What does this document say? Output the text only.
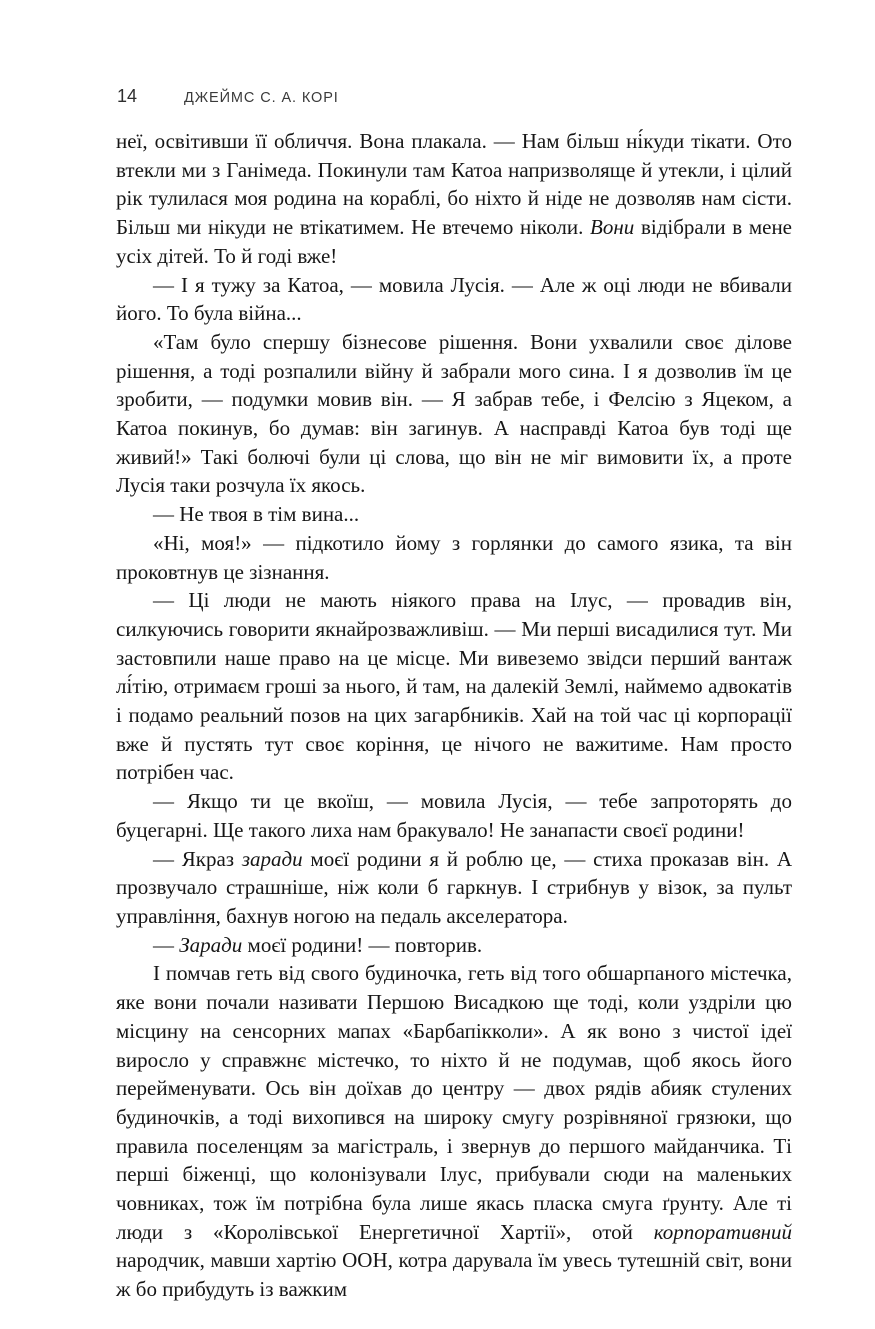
14	ДЖЕЙМС С. А. КОРІ

неї, освітивши її обличчя. Вона плакала. — Нам більш ні́куди тікати. Ото втекли ми з Ганімеда. Покинули там Катоа напризволяще й утекли, і цілий рік тулилася моя родина на кораблі, бо ніхто й ніде не дозволяв нам сісти. Більш ми нікуди не втікатимем. Не втечемо ніколи. Вони відібрали в мене усіх дітей. То й годі вже!

— І я тужу за Катоа, — мовила Лусія. — Але ж оці люди не вбивали його. То була війна...

«Там було спершу бізнесове рішення. Вони ухвалили своє ділове рішення, а тоді розпалили війну й забрали мого сина. І я дозволив їм це зробити, — подумки мовив він. — Я забрав тебе, і Фелсію з Яцеком, а Катоа покинув, бо думав: він загинув. А насправді Катоа був тоді ще живий!» Такі болючі були ці слова, що він не міг вимовити їх, а проте Лусія таки розчула їх якось.

— Не твоя в тім вина...

«Ні, моя!» — підкотило йому з горлянки до самого язика, та він проковтнув це зізнання.

— Ці люди не мають ніякого права на Ілус, — провадив він, силкуючись говорити якнайрозважливіш. — Ми перші висадилися тут. Ми застовпили наше право на це місце. Ми вивеземо звідси перший вантаж лі́тію, отримаєм гроші за нього, й там, на далекій Землі, наймемо адвокатів і подамо реальний позов на цих загарбників. Хай на той час ці корпорації вже й пустять тут своє коріння, це нічого не важитиме. Нам просто потрібен час.

— Якщо ти це вкоїш, — мовила Лусія, — тебе запроторять до буцегарні. Ще такого лиха нам бракувало! Не занапасти своєї родини!

— Якраз заради моєї родини я й роблю це, — стиха проказав він. А прозвучало страшніше, ніж коли б гаркнув. І стрибнув у візок, за пульт управління, бахнув ногою на педаль акселератора.

— Заради моєї родини! — повторив.

І помчав геть від свого будиночка, геть від того обшарпаного містечка, яке вони почали називати Першою Висадкою ще тоді, коли уздріли цю місцину на сенсорних мапах «Барбапікколи». А як воно з чистої ідеї виросло у справжнє містечко, то ніхто й не подумав, щоб якось його перейменувати. Ось він доїхав до центру — двох рядів абияк стулених будиночків, а тоді вихопився на широку смугу розрівняної грязюки, що правила поселенцям за магістраль, і звернув до першого майданчика. Ті перші біженці, що колонізували Ілус, прибували сюди на маленьких човниках, тож їм потрібна була лише якась пласка смуга ґрунту. Але ті люди з «Королівської Енергетичної Хартії», отой корпоративний народчик, мавши хартію ООН, котра дарувала їм увесь тутешній світ, вони ж бо прибудуть із важким
